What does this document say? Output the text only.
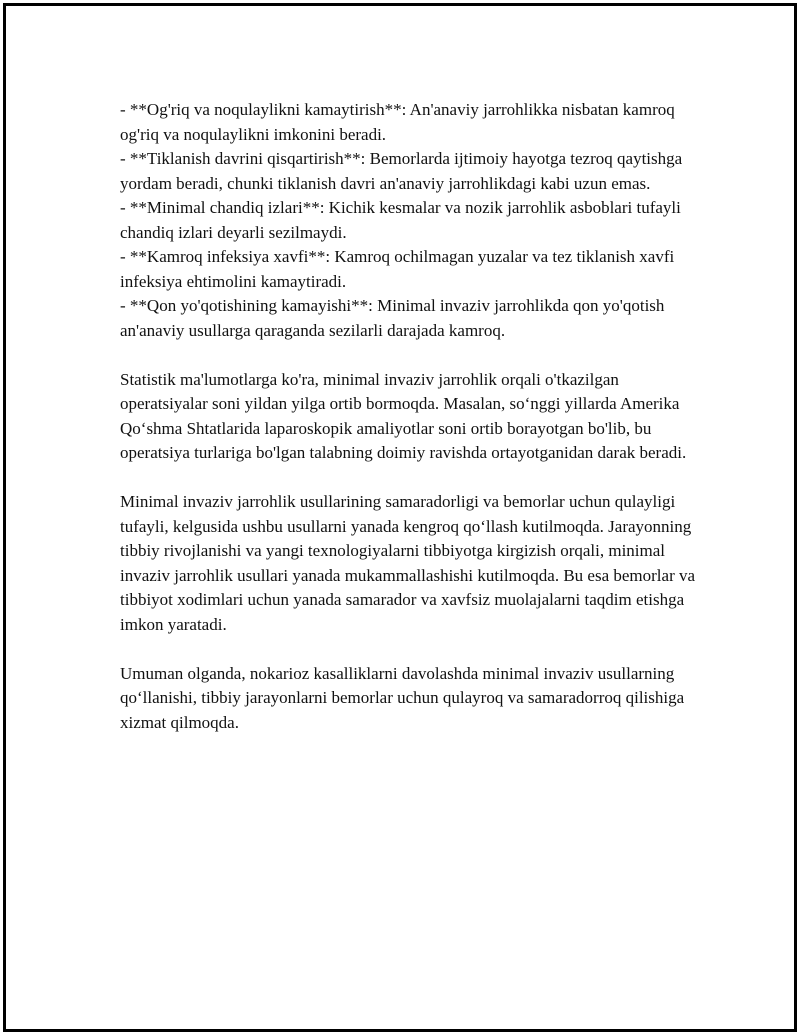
- **Og'riq va noqulaylikni kamaytirish**: An'anaviy jarrohlikka nisbatan kamroq og'riq va noqulaylikni imkonini beradi.

- **Tiklanish davrini qisqartirish**: Bemorlarda ijtimoiy hayotga tezroq qaytishga yordam beradi, chunki tiklanish davri an'anaviy jarrohlikdagi kabi uzun emas.

- **Minimal chandiq izlari**: Kichik kesmalar va nozik jarrohlik asboblari tufayli chandiq izlari deyarli sezilmaydi.

- **Kamroq infeksiya xavfi**: Kamroq ochilmagan yuzalar va tez tiklanish xavfi infeksiya ehtimolini kamaytiradi.

- **Qon yo'qotishining kamayishi**: Minimal invaziv jarrohlikda qon yo'qotish an'anaviy usullarga qaraganda sezilarli darajada kamroq.

Statistik ma'lumotlarga ko'ra, minimal invaziv jarrohlik orqali o'tkazilgan operatsiyalar soni yildan yilga ortib bormoqda. Masalan, so‘nggi yillarda Amerika Qo‘shma Shtatlarida laparoskopik amaliyotlar soni ortib borayotgan bo'lib, bu operatsiya turlariga bo'lgan talabning doimiy ravishda ortayotganidan darak beradi.

Minimal invaziv jarrohlik usullarining samaradorligi va bemorlar uchun qulayligi tufayli, kelgusida ushbu usullarni yanada kengroq qo‘llash kutilmoqda. Jarayonning tibbiy rivojlanishi va yangi texnologiyalarni tibbiyotga kirgizish orqali, minimal invaziv jarrohlik usullari yanada mukammallashishi kutilmoqda. Bu esa bemorlar va tibbiyot xodimlari uchun yanada samarador va xavfsiz muolajalarni taqdim etishga imkon yaratadi.

Umuman olganda, nokarioz kasalliklarni davolashda minimal invaziv usullarning qo‘llanishi, tibbiy jarayonlarni bemorlar uchun qulayroq va samaradorroq qilishiga xizmat qilmoqda.
